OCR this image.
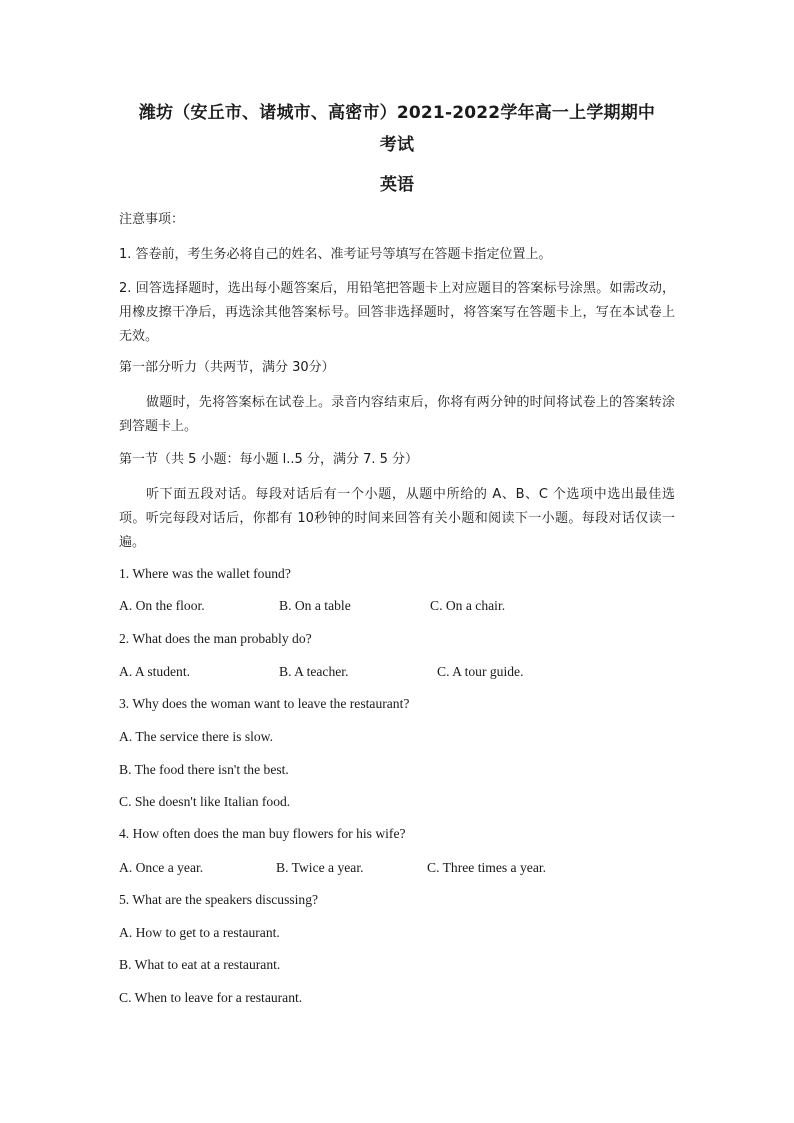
潍坊（安丘市、诸城市、高密市）2021-2022学年高一上学期期中
考试
英语
注意事项：
1. 答卷前，考生务必将自己的姓名、准考证号等填写在答题卡指定位置上。
2. 回答选择题时，选出每小题答案后，用铅笔把答题卡上对应题目的答案标号涂黑。如需改动，用橡皮擦干净后，再选涂其他答案标号。回答非选择题时，将答案写在答题卡上，写在本试卷上无效。
第一部分听力（共两节，满分 30分）
做题时，先将答案标在试卷上。录音内容结束后，你将有两分钟的时间将试卷上的答案转涂到答题卡上。
第一节（共 5 小题：每小题 l..5 分，满分 7. 5 分）
听下面五段对话。每段对话后有一个小题，从题中所给的 A、B、C 个选项中选出最佳选项。听完每段对话后，你都有 10秒钟的时间来回答有关小题和阅读下一小题。每段对话仅读一遍。
1. Where was the wallet found?
A. On the floor.	B. On a table	C. On a chair.
2. What does the man probably do?
A. A student.	B. A teacher.	C. A tour guide.
3. Why does the woman want to leave the restaurant?
A. The service there is slow.
B. The food there isn't the best.
C. She doesn't like Italian food.
4. How often does the man buy flowers for his wife?
A. Once a year.	B. Twice a year.	C. Three times a year.
5. What are the speakers discussing?
A. How to get to a restaurant.
B. What to eat at a restaurant.
C. When to leave for a restaurant.
